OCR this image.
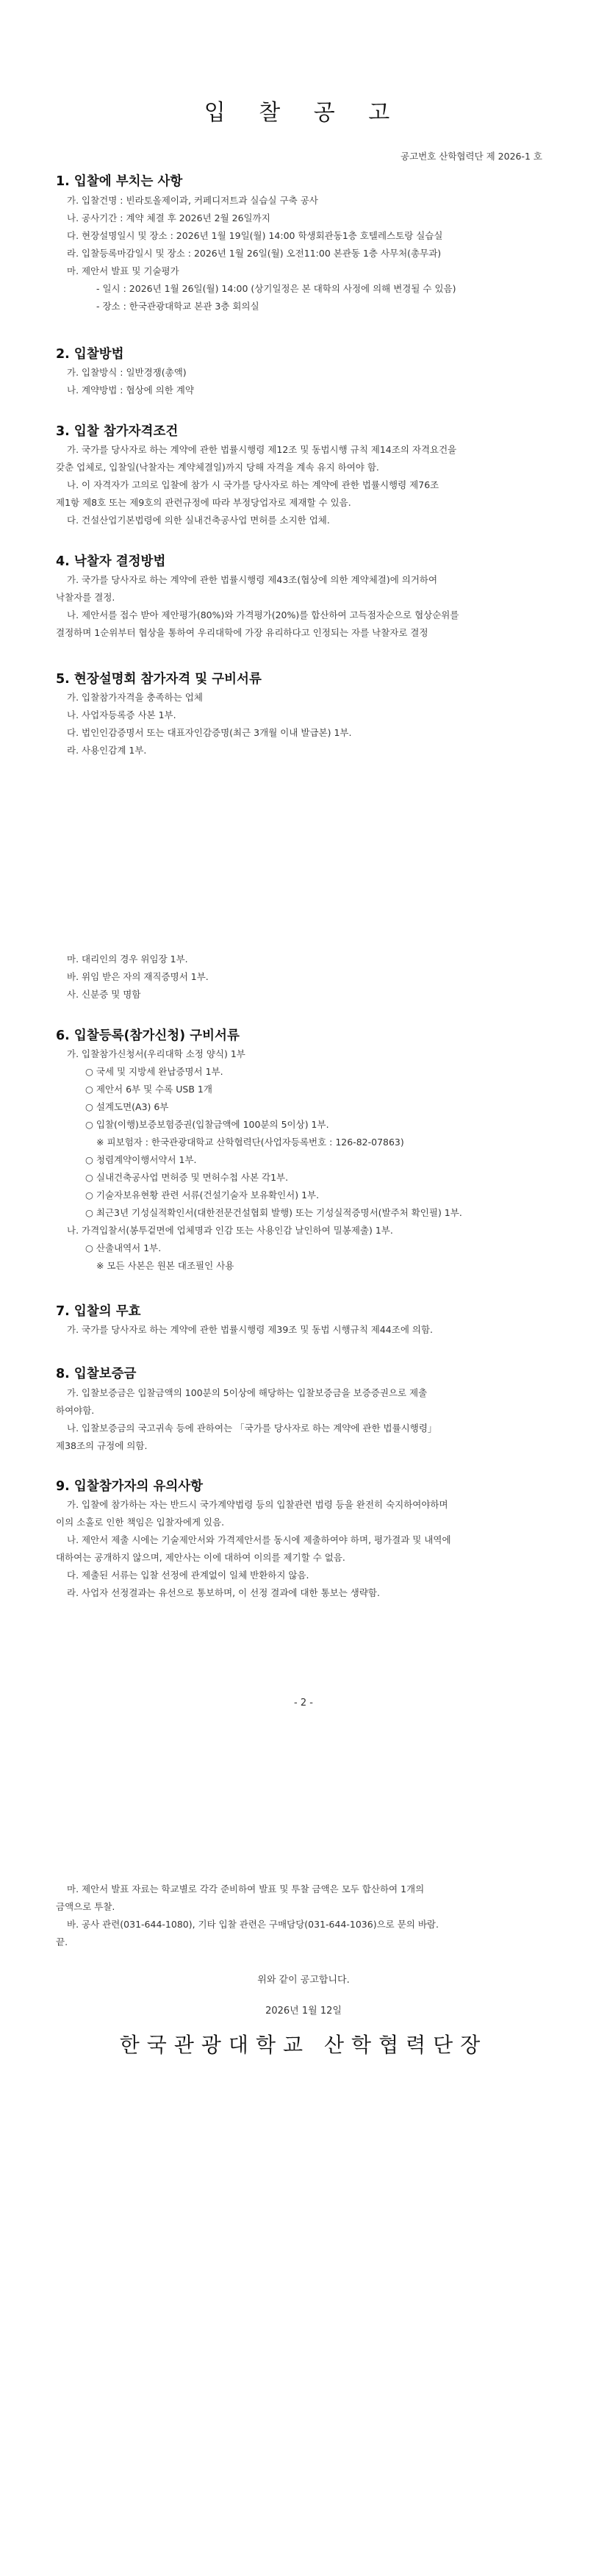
입 찰 공 고
공고번호 산학협력단 제 2026-1 호
1. 입찰에 부치는 사항
가. 입찰건명 : 빈라토올제이과, 커페디저트과 실습실 구축 공사
나. 공사기간 : 계약 체결 후 2026년 2월 26일까지
다. 현장설명일시 및 장소 : 2026년 1월 19일(월) 14:00 학생회관동1층 호텔레스토랑 실습실
라. 입찰등록마감일시 및 장소 : 2026년 1월 26일(월) 오전11:00 본관동 1층 사무처(총무과)
마. 제안서 발표 및 기술평가
- 일시 : 2026년 1월 26일(월) 14:00 (상기일정은 본 대학의 사정에 의해 변경될 수 있음)
- 장소 : 한국관광대학교 본관 3층 회의실
2. 입찰방법
가. 입찰방식 : 일반경쟁(총액)
나. 계약방법 : 협상에 의한 계약
3. 입찰 참가자격조건
가. 국가를 당사자로 하는 계약에 관한 법률시행령 제12조 및 동법시행 규칙 제14조의 자격요건을
갖춘 업체로, 입찰일(낙찰자는 계약체결일)까지 당해 자격을 계속 유지 하여야 함.
나. 이 자격자가 고의로 입찰에 참가 시 국가를 당사자로 하는 계약에 관한 법률시행령 제76조
제1항 제8호 또는 제9호의 관련규정에 따라 부정당업자로 제재할 수 있음.
다. 건설산업기본법령에 의한 실내건축공사업 면허를 소지한 업체.
4. 낙찰자 결정방법
가. 국가를 당사자로 하는 계약에 관한 법률시행령 제43조(협상에 의한 계약체결)에 의거하여
낙찰자를 결정.
나. 제안서를 접수 받아 제안평가(80%)와 가격평가(20%)를 합산하여 고득점자순으로 협상순위를
결정하며 1순위부터 협상을 통하여 우리대학에 가장 유리하다고 인정되는 자를 낙찰자로 결정
5. 현장설명회 참가자격 및 구비서류
가. 입찰참가자격을 충족하는 업체
나. 사업자등록증 사본 1부.
다. 법인인감증명서 또는 대표자인감증명(최근 3개월 이내 발급본) 1부.
라. 사용인감계 1부.
마. 대리인의 경우 위임장 1부.
바. 위임 받은 자의 재직증명서 1부.
사. 신분증 및 명함
6. 입찰등록(참가신청) 구비서류
가. 입찰참가신청서(우리대학 소정 양식) 1부
○ 국세 및 지방세 완납증명서 1부.
○ 제안서 6부 및 수록 USB 1개
○ 설계도면(A3) 6부
○ 입찰(이행)보증보험증권(입찰금액에 100분의 5이상) 1부.
※ 피보험자 : 한국관광대학교 산학협력단(사업자등록번호 : 126-82-07863)
○ 청렴계약이행서약서 1부.
○ 실내건축공사업 면허증 및 면허수첩 사본 각1부.
○ 기술자보유현황 관련 서류(건설기술자 보유확인서) 1부.
○ 최근3년 기성실적확인서(대한전문건설협회 발행) 또는 기성실적증명서(발주처 확인필) 1부.
나. 가격입찰서(봉투겉면에 업체명과 인감 또는 사용인감 날인하여 밀봉제출) 1부.
○ 산출내역서 1부.
※ 모든 사본은 원본 대조필인 사용
7. 입찰의 무효
가. 국가를 당사자로 하는 계약에 관한 법률시행령 제39조 및 동법 시행규칙 제44조에 의함.
8. 입찰보증금
가. 입찰보증금은 입찰금액의 100분의 5이상에 해당하는 입찰보증금을 보증증권으로 제출
하여야함.
나. 입찰보증금의 국고귀속 등에 관하여는 「국가를 당사자로 하는 계약에 관한 법률시행령」
제38조의 규정에 의함.
9. 입찰참가자의 유의사항
가. 입찰에 참가하는 자는 반드시 국가계약법령 등의 입찰관련 법령 등을 완전히 숙지하여야하며
이의 소홀로 인한 책임은 입찰자에게 있음.
나. 제안서 제출 시에는 기술제안서와 가격제안서를 동시에 제출하여야 하며, 평가결과 및 내역에
대하여는 공개하지 않으며, 제안사는 이에 대하여 이의를 제기할 수 없음.
다. 제출된 서류는 입찰 선정에 관계없이 일체 반환하지 않음.
라. 사업자 선정결과는 유선으로 통보하며, 이 선정 결과에 대한 통보는 생략함.
- 2 -
마. 제안서 발표 자료는 학교별로 각각 준비하여 발표 및 투찰 금액은 모두 합산하여 1개의
금액으로 투찰.
바. 공사 관련(031-644-1080), 기타 입찰 관련은 구매담당(031-644-1036)으로 문의 바람.
끝.
위와 같이 공고합니다.
2026년 1월 12일
한국관광대학교 산학협력단장
